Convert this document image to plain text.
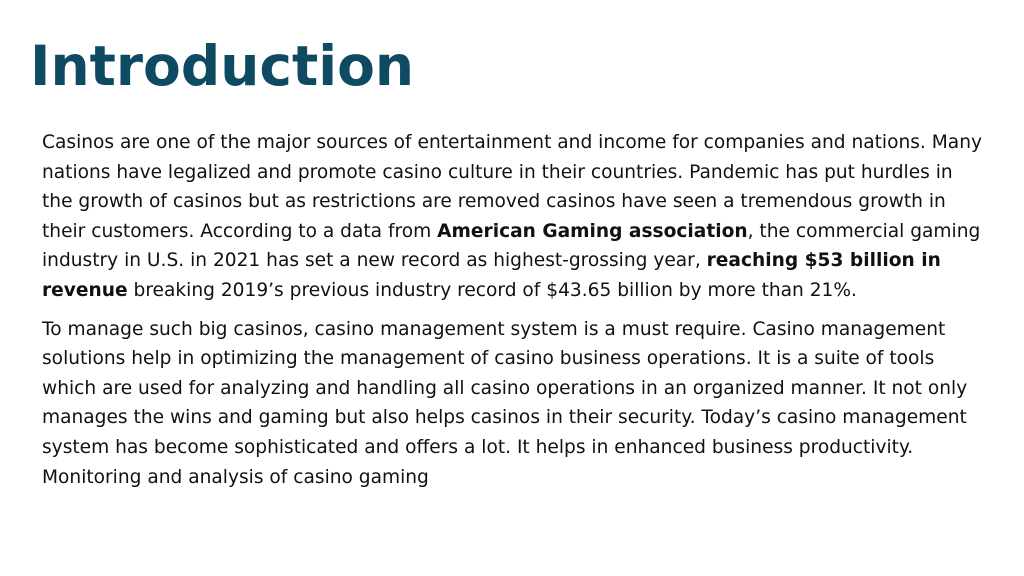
Introduction

Casinos are one of the major sources of entertainment and income for companies and nations. Many nations have legalized and promote casino culture in their countries. Pandemic has put hurdles in the growth of casinos but as restrictions are removed casinos have seen a tremendous growth in their customers. According to a data from American Gaming association, the commercial gaming industry in U.S. in 2021 has set a new record as highest-grossing year, reaching $53 billion in revenue breaking 2019’s previous industry record of $43.65 billion by more than 21%.

To manage such big casinos, casino management system is a must require. Casino management solutions help in optimizing the management of casino business operations. It is a suite of tools which are used for analyzing and handling all casino operations in an organized manner. It not only manages the wins and gaming but also helps casinos in their security. Today’s casino management system has become sophisticated and offers a lot. It helps in enhanced business productivity. Monitoring and analysis of casino gaming
